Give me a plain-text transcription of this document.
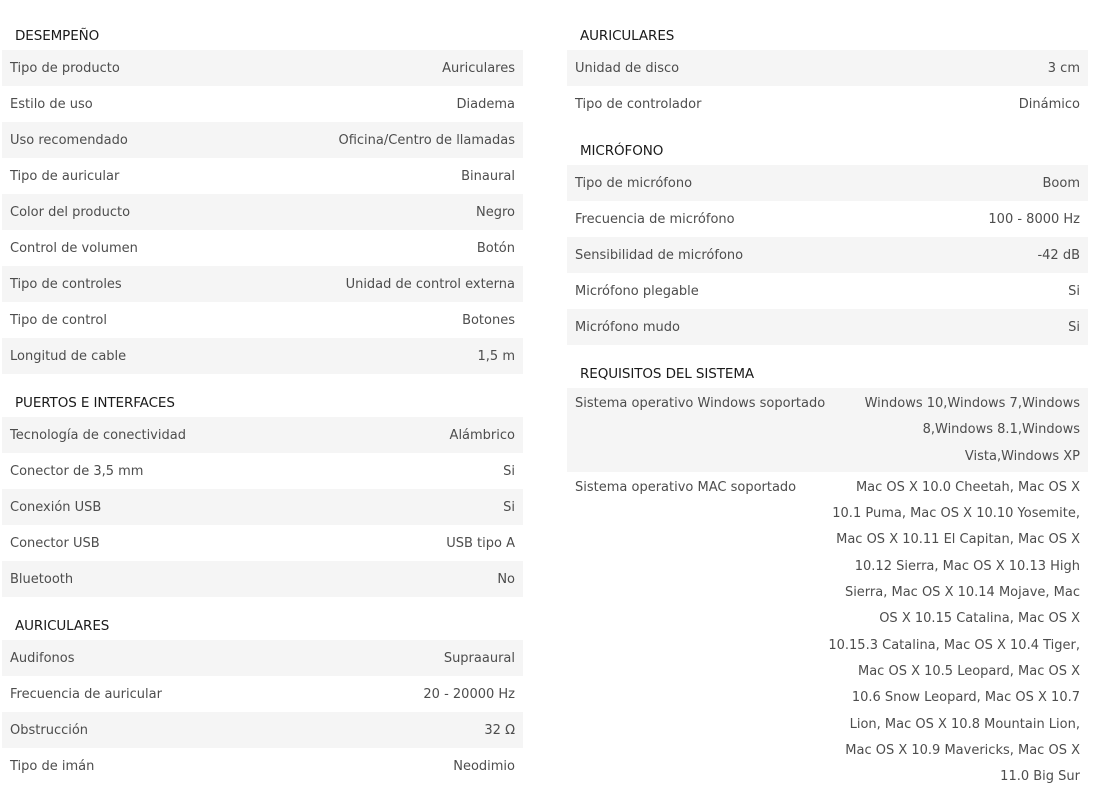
DESEMPEÑO
Tipo de producto	Auriculares
Estilo de uso	Diadema
Uso recomendado	Oficina/Centro de llamadas
Tipo de auricular	Binaural
Color del producto	Negro
Control de volumen	Botón
Tipo de controles	Unidad de control externa
Tipo de control	Botones
Longitud de cable	1,5 m
PUERTOS E INTERFACES
Tecnología de conectividad	Alámbrico
Conector de 3,5 mm	Si
Conexión USB	Si
Conector USB	USB tipo A
Bluetooth	No
AURICULARES
Audifonos	Supraaural
Frecuencia de auricular	20 - 20000 Hz
Obstrucción	32 Ω
Tipo de imán	Neodimio
AURICULARES
Unidad de disco	3 cm
Tipo de controlador	Dinámico
MICRÓFONO
Tipo de micrófono	Boom
Frecuencia de micrófono	100 - 8000 Hz
Sensibilidad de micrófono	-42 dB
Micrófono plegable	Si
Micrófono mudo	Si
REQUISITOS DEL SISTEMA
Sistema operativo Windows soportado	Windows 10,Windows 7,Windows 8,Windows 8.1,Windows Vista,Windows XP
Sistema operativo MAC soportado	Mac OS X 10.0 Cheetah, Mac OS X 10.1 Puma, Mac OS X 10.10 Yosemite, Mac OS X 10.11 El Capitan, Mac OS X 10.12 Sierra, Mac OS X 10.13 High Sierra, Mac OS X 10.14 Mojave, Mac OS X 10.15 Catalina, Mac OS X 10.15.3 Catalina, Mac OS X 10.4 Tiger, Mac OS X 10.5 Leopard, Mac OS X 10.6 Snow Leopard, Mac OS X 10.7 Lion, Mac OS X 10.8 Mountain Lion, Mac OS X 10.9 Mavericks, Mac OS X 11.0 Big Sur
